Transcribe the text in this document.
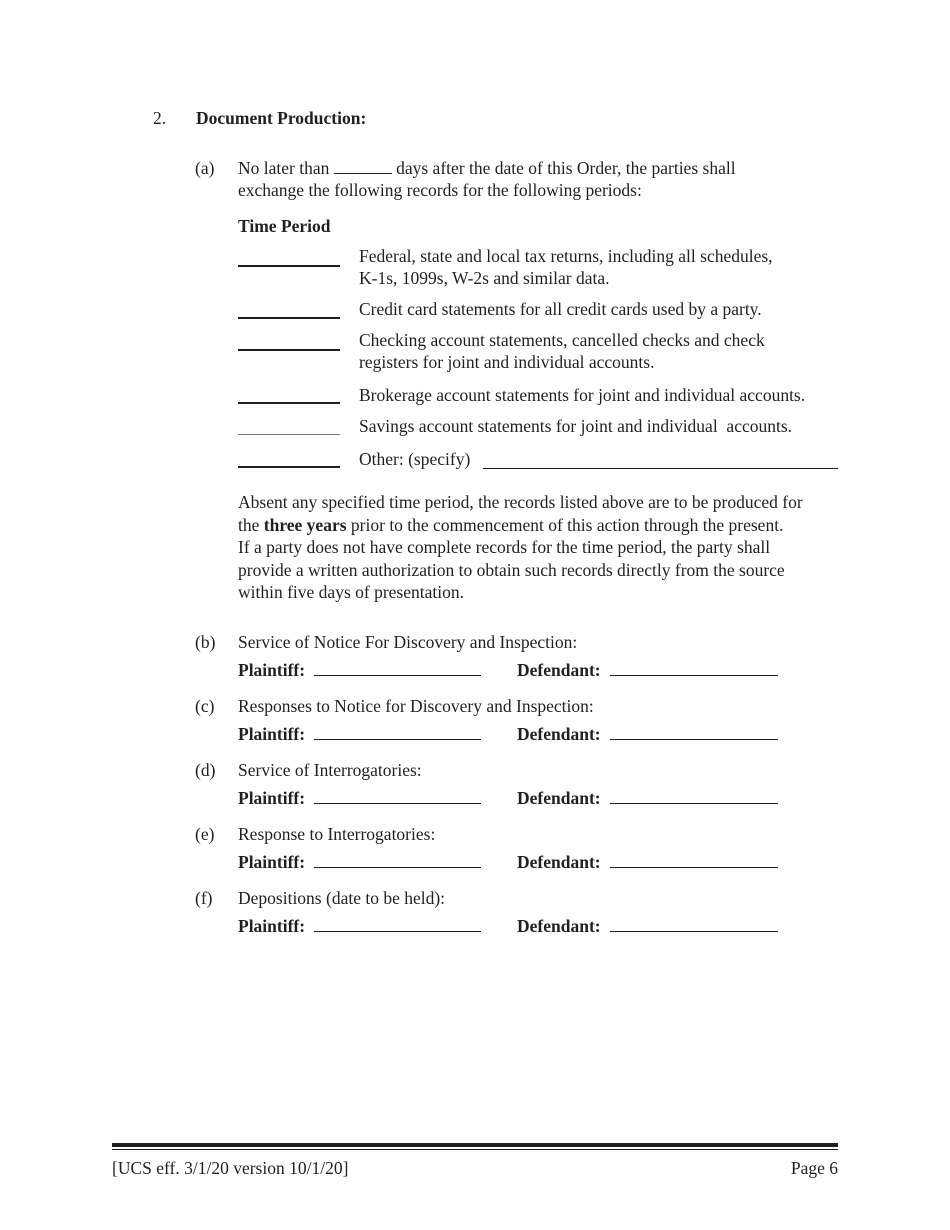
2. Document Production:
(a) No later than	days after the date of this Order, the parties shall
exchange the following records for the following periods:
Time Period
Federal, state and local tax returns, including all schedules,
K-1s, 1099s, W-2s and similar data.
Credit card statements for all credit cards used by a party.
Checking account statements, cancelled checks and check
registers for joint and individual accounts.
Brokerage account statements for joint and individual accounts.
Savings account statements for joint and individual  accounts.
Other: (specify)
Absent any specified time period, the records listed above are to be produced for
the three years prior to the commencement of this action through the present.
If a party does not have complete records for the time period, the party shall
provide a written authorization to obtain such records directly from the source
within five days of presentation.
(b) Service of Notice For Discovery and Inspection:
Plaintiff:	Defendant:
(c) Responses to Notice for Discovery and Inspection:
Plaintiff:	Defendant:
(d) Service of Interrogatories:
Plaintiff:	Defendant:
(e) Response to Interrogatories:
Plaintiff:	Defendant:
(f) Depositions (date to be held):
Plaintiff:	Defendant:
[UCS eff. 3/1/20 version 10/1/20]	Page 6
